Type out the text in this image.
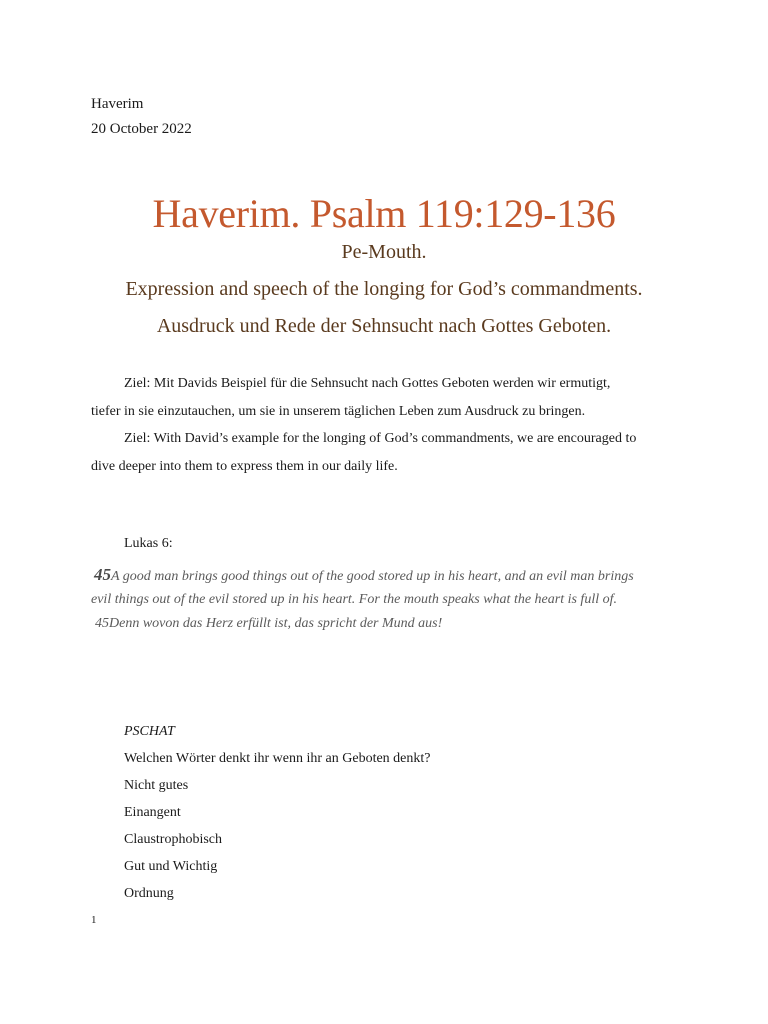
Haverim
20 October 2022
Haverim. Psalm 119:129-136
Pe-Mouth.
Expression and speech of the longing for God’s commandments.
Ausdruck und Rede der Sehnsucht nach Gottes Geboten.
Ziel: Mit Davids Beispiel für die Sehnsucht nach Gottes Geboten werden wir ermutigt,
tiefer in sie einzutauchen, um sie in unserem täglichen Leben zum Ausdruck zu bringen.
Ziel: With David’s example for the longing of God’s commandments, we are encouraged to
dive deeper into them to express them in our daily life.
Lukas 6:
45A good man brings good things out of the good stored up in his heart, and an evil man brings
evil things out of the evil stored up in his heart. For the mouth speaks what the heart is full of.
45Denn wovon das Herz erfüllt ist, das spricht der Mund aus!
PSCHAT
Welchen Wörter denkt ihr wenn ihr an Geboten denkt?
Nicht gutes
Einangent
Claustrophobisch
Gut und Wichtig
Ordnung
1
